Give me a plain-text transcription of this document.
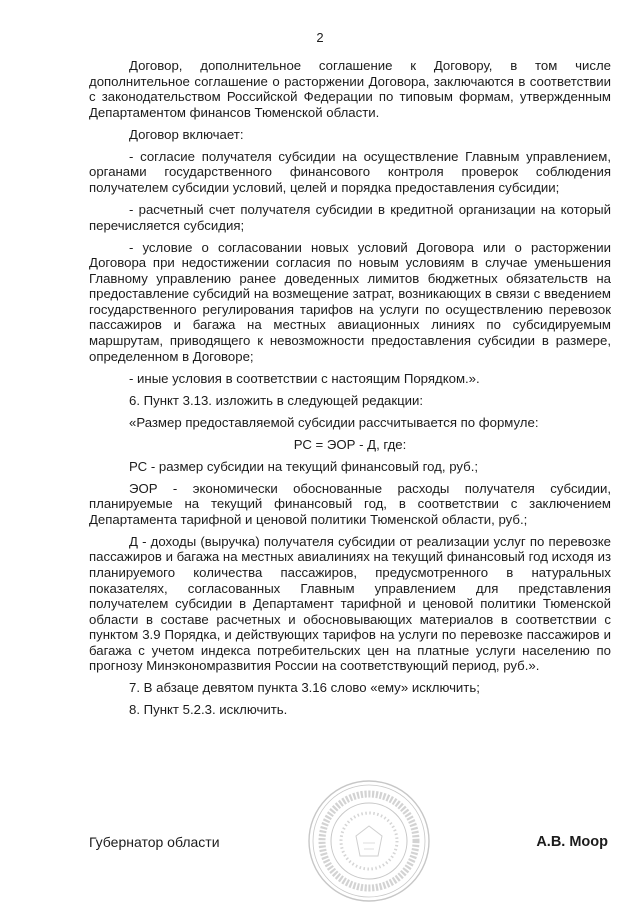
2

Договор, дополнительное соглашение к Договору, в том числе дополнительное соглашение о расторжении Договора, заключаются в соответствии с законодательством Российской Федерации по типовым формам, утвержденным Департаментом финансов Тюменской области.

Договор включает:

- согласие получателя субсидии на осуществление Главным управлением, органами государственного финансового контроля проверок соблюдения получателем субсидии условий, целей и порядка предоставления субсидии;

- расчетный счет получателя субсидии в кредитной организации на который перечисляется субсидия;

- условие о согласовании новых условий Договора или о расторжении Договора при недостижении согласия по новым условиям в случае уменьшения Главному управлению ранее доведенных лимитов бюджетных обязательств на предоставление субсидий на возмещение затрат, возникающих в связи с введением государственного регулирования тарифов на услуги по осуществлению перевозок пассажиров и багажа на местных авиационных линиях по субсидируемым маршрутам, приводящего к невозможности предоставления субсидии в размере, определенном в Договоре;

- иные условия в соответствии с настоящим Порядком.».

6. Пункт 3.13. изложить в следующей редакции:

«Размер предоставляемой субсидии рассчитывается по формуле:

РС = ЭОР - Д, где:

РС - размер субсидии на текущий финансовый год, руб.;

ЭОР - экономически обоснованные расходы получателя субсидии, планируемые на текущий финансовый год, в соответствии с заключением Департамента тарифной и ценовой политики Тюменской области, руб.;

Д - доходы (выручка) получателя субсидии от реализации услуг по перевозке пассажиров и багажа на местных авиалиниях на текущий финансовый год исходя из планируемого количества пассажиров, предусмотренного в натуральных показателях, согласованных Главным управлением для представления получателем субсидии в Департамент тарифной и ценовой политики Тюменской области в составе расчетных и обосновывающих материалов в соответствии с пунктом 3.9 Порядка, и действующих тарифов на услуги по перевозке пассажиров и багажа с учетом индекса потребительских цен на платные услуги населению по прогнозу Минэкономразвития России на соответствующий период, руб.».

7. В абзаце девятом пункта 3.16 слово «ему» исключить;

8. Пункт 5.2.3. исключить.

Губернатор области	А.В. Моор
